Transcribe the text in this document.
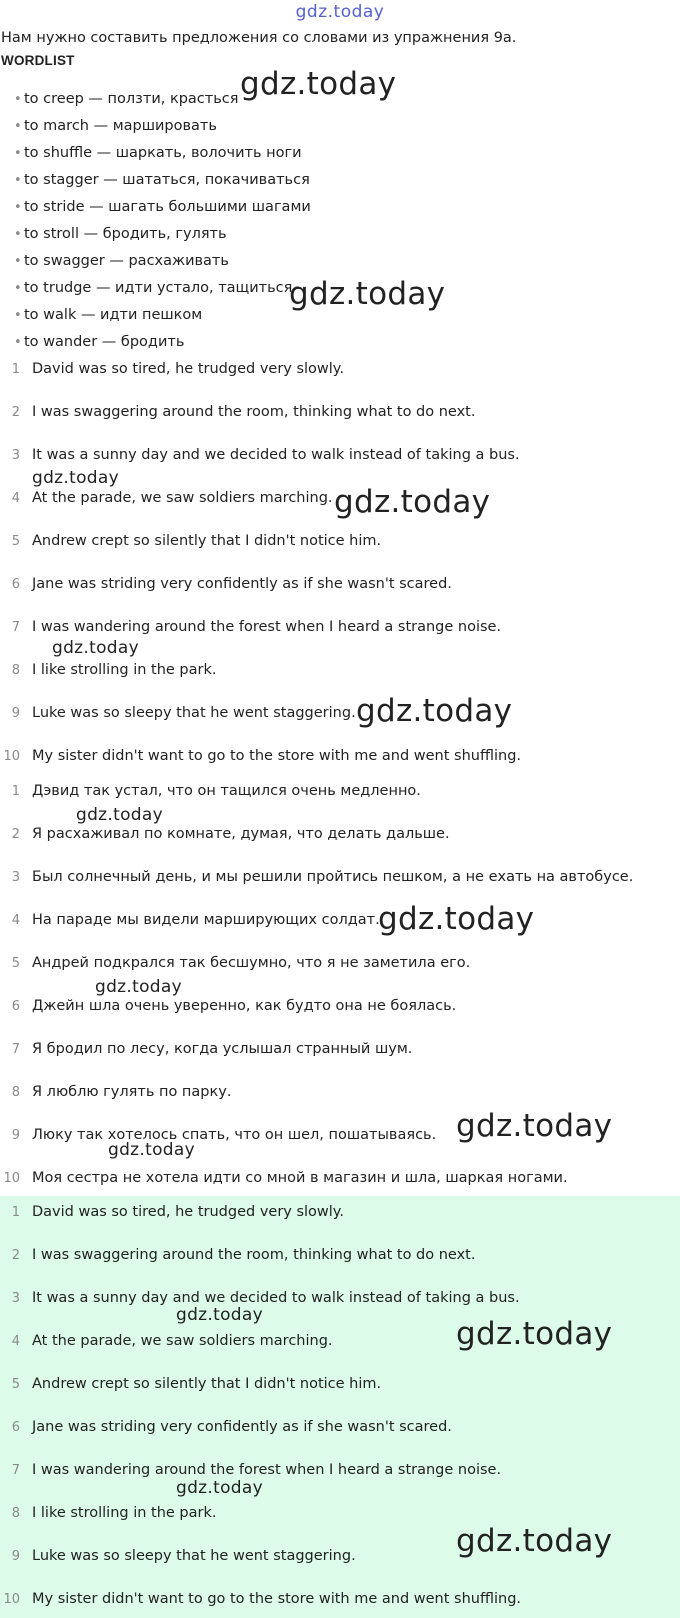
gdz.today
Нам нужно составить предложения со словами из упражнения 9а.
WORDLIST
• to creep — ползти, красться
• to march — маршировать
• to shuffle — шаркать, волочить ноги
• to stagger — шататься, покачиваться
• to stride — шагать большими шагами
• to stroll — бродить, гулять
• to swagger — расхаживать
• to trudge — идти устало, тащиться
• to walk — идти пешком
• to wander — бродить
1 David was so tired, he trudged very slowly.
2 I was swaggering around the room, thinking what to do next.
3 It was a sunny day and we decided to walk instead of taking a bus.
4 At the parade, we saw soldiers marching.
5 Andrew crept so silently that I didn't notice him.
6 Jane was striding very confidently as if she wasn't scared.
7 I was wandering around the forest when I heard a strange noise.
8 I like strolling in the park.
9 Luke was so sleepy that he went staggering.
10 My sister didn't want to go to the store with me and went shuffling.
1 Дэвид так устал, что он тащился очень медленно.
2 Я расхаживал по комнате, думая, что делать дальше.
3 Был солнечный день, и мы решили пройтись пешком, а не ехать на автобусе.
4 На параде мы видели марширующих солдат.
5 Андрей подкрался так бесшумно, что я не заметила его.
6 Джейн шла очень уверенно, как будто она не боялась.
7 Я бродил по лесу, когда услышал странный шум.
8 Я люблю гулять по парку.
9 Люку так хотелось спать, что он шел, пошатываясь.
10 Моя сестра не хотела идти со мной в магазин и шла, шаркая ногами.
1 David was so tired, he trudged very slowly.
2 I was swaggering around the room, thinking what to do next.
3 It was a sunny day and we decided to walk instead of taking a bus.
4 At the parade, we saw soldiers marching.
5 Andrew crept so silently that I didn't notice him.
6 Jane was striding very confidently as if she wasn't scared.
7 I was wandering around the forest when I heard a strange noise.
8 I like strolling in the park.
9 Luke was so sleepy that he went staggering.
10 My sister didn't want to go to the store with me and went shuffling.
gdz.today
gdz.today
gdz.today
gdz.today
gdz.today
gdz.today
gdz.today
gdz.today
gdz.today
gdz.today
gdz.today
gdz.today
gdz.today
gdz.today
gdz.today
